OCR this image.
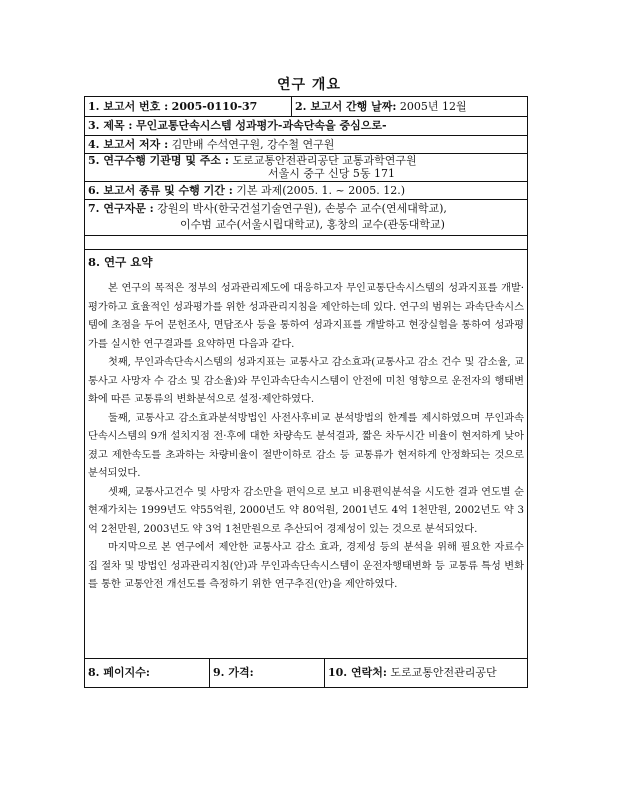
연구 개요
1. 보고서 번호 : 2005-0110-37	2. 보고서 간행 날짜: 2005년 12월
3. 제목 : 무인교통단속시스템 성과평가-과속단속을 중심으로-
4. 보고서 저자 : 김만배 수석연구원, 강수철 연구원
5. 연구수행 기관명 및 주소 : 도로교통안전관리공단 교통과학연구원
서울시 중구 신당 5동 171
6. 보고서 종류 및 수행 기간 : 기본 과제(2005. 1. ~ 2005. 12.)
7. 연구자문 : 강원의 박사(한국건설기술연구원), 손봉수 교수(연세대학교),
이수범 교수(서울시립대학교), 홍창의 교수(관동대학교)
8. 연구 요약

본 연구의 목적은 정부의 성과관리제도에 대응하고자 무인교통단속시스템의 성과지표를 개발·평가하고 효율적인 성과평가를 위한 성과관리지침을 제안하는데 있다. 연구의 범위는 과속단속시스템에 초점을 두어 문헌조사, 면담조사 등을 통하여 성과지표를 개발하고 현장실험을 통하여 성과평가를 실시한 연구결과를 요약하면 다음과 같다.

첫째, 무인과속단속시스템의 성과지표는 교통사고 감소효과(교통사고 감소 건수 및 감소율, 교통사고 사망자 수 감소 및 감소율)와 무인과속단속시스템이 안전에 미친 영향으로 운전자의 행태변화에 따른 교통류의 변화분석으로 설정·제안하였다.

둘째, 교통사고 감소효과분석방법인 사전사후비교 분석방법의 한계를 제시하였으며 무인과속단속시스템의 9개 설치지점 전·후에 대한 차량속도 분석결과, 짧은 차두시간 비율이 현저하게 낮아졌고 제한속도를 초과하는 차량비율이 절반이하로 감소 등 교통류가 현저하게 안정화되는 것으로 분석되었다.

셋째, 교통사고건수 및 사망자 감소만을 편익으로 보고 비용편익분석을 시도한 결과 연도별 순현재가치는 1999년도 약55억원, 2000년도 약 80억원, 2001년도 4억 1천만원, 2002년도 약 3억 2천만원, 2003년도 약 3억 1천만원으로 추산되어 경제성이 있는 것으로 분석되었다.

마지막으로 본 연구에서 제안한 교통사고 감소 효과, 경제성 등의 분석을 위해 필요한 자료수집 절차 및 방법인 성과관리지침(안)과 무인과속단속시스템이 운전자행태변화 등 교통류 특성 변화를 통한 교통안전 개선도를 측정하기 위한 연구추진(안)을 제안하였다.

8. 페이지수:	9. 가격:	10. 연락처: 도로교통안전관리공단
